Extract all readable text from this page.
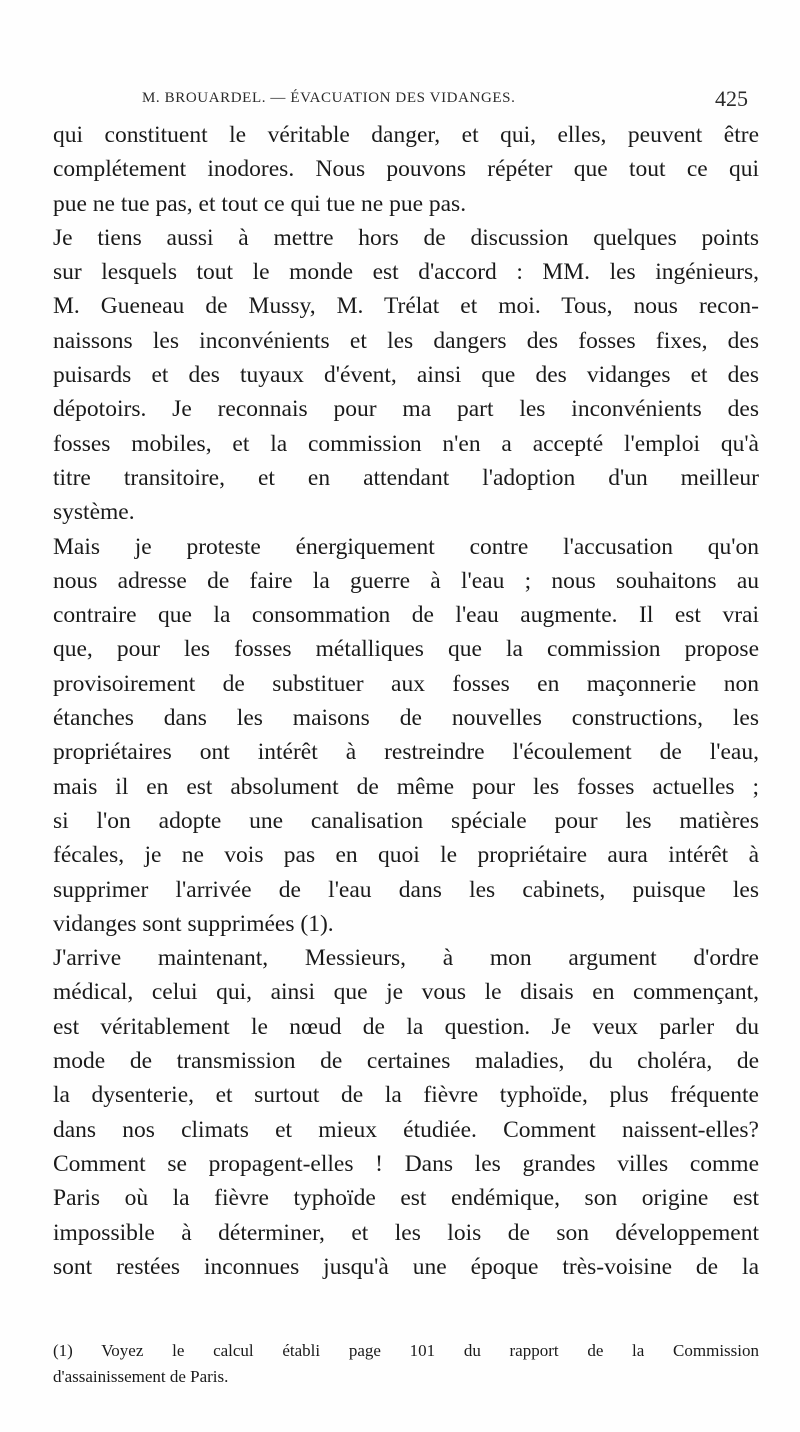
M. BROUARDEL. — ÉVACUATION DES VIDANGES.	425
qui constituent le véritable danger, et qui, elles, peuvent être
complétement inodores. Nous pouvons répéter que tout ce qui
pue ne tue pas, et tout ce qui tue ne pue pas.
Je tiens aussi à mettre hors de discussion quelques points
sur lesquels tout le monde est d'accord : MM. les ingénieurs,
M. Gueneau de Mussy, M. Trélat et moi. Tous, nous recon-
naissons les inconvénients et les dangers des fosses fixes, des
puisards et des tuyaux d'évent, ainsi que des vidanges et des
dépotoirs. Je reconnais pour ma part les inconvénients des
fosses mobiles, et la commission n'en a accepté l'emploi qu'à
titre transitoire, et en attendant l'adoption d'un meilleur
système.
Mais je proteste énergiquement contre l'accusation qu'on
nous adresse de faire la guerre à l'eau ; nous souhaitons au
contraire que la consommation de l'eau augmente. Il est vrai
que, pour les fosses métalliques que la commission propose
provisoirement de substituer aux fosses en maçonnerie non
étanches dans les maisons de nouvelles constructions, les
propriétaires ont intérêt à restreindre l'écoulement de l'eau,
mais il en est absolument de même pour les fosses actuelles ;
si l'on adopte une canalisation spéciale pour les matières
fécales, je ne vois pas en quoi le propriétaire aura intérêt à
supprimer l'arrivée de l'eau dans les cabinets, puisque les
vidanges sont supprimées (1).
J'arrive maintenant, Messieurs, à mon argument d'ordre
médical, celui qui, ainsi que je vous le disais en commençant,
est véritablement le nœud de la question. Je veux parler du
mode de transmission de certaines maladies, du choléra, de
la dysenterie, et surtout de la fièvre typhoïde, plus fréquente
dans nos climats et mieux étudiée. Comment naissent-elles?
Comment se propagent-elles ! Dans les grandes villes comme
Paris où la fièvre typhoïde est endémique, son origine est
impossible à déterminer, et les lois de son développement
sont restées inconnues jusqu'à une époque très-voisine de la
(1) Voyez le calcul établi page 101 du rapport de la Commission
d'assainissement de Paris.
